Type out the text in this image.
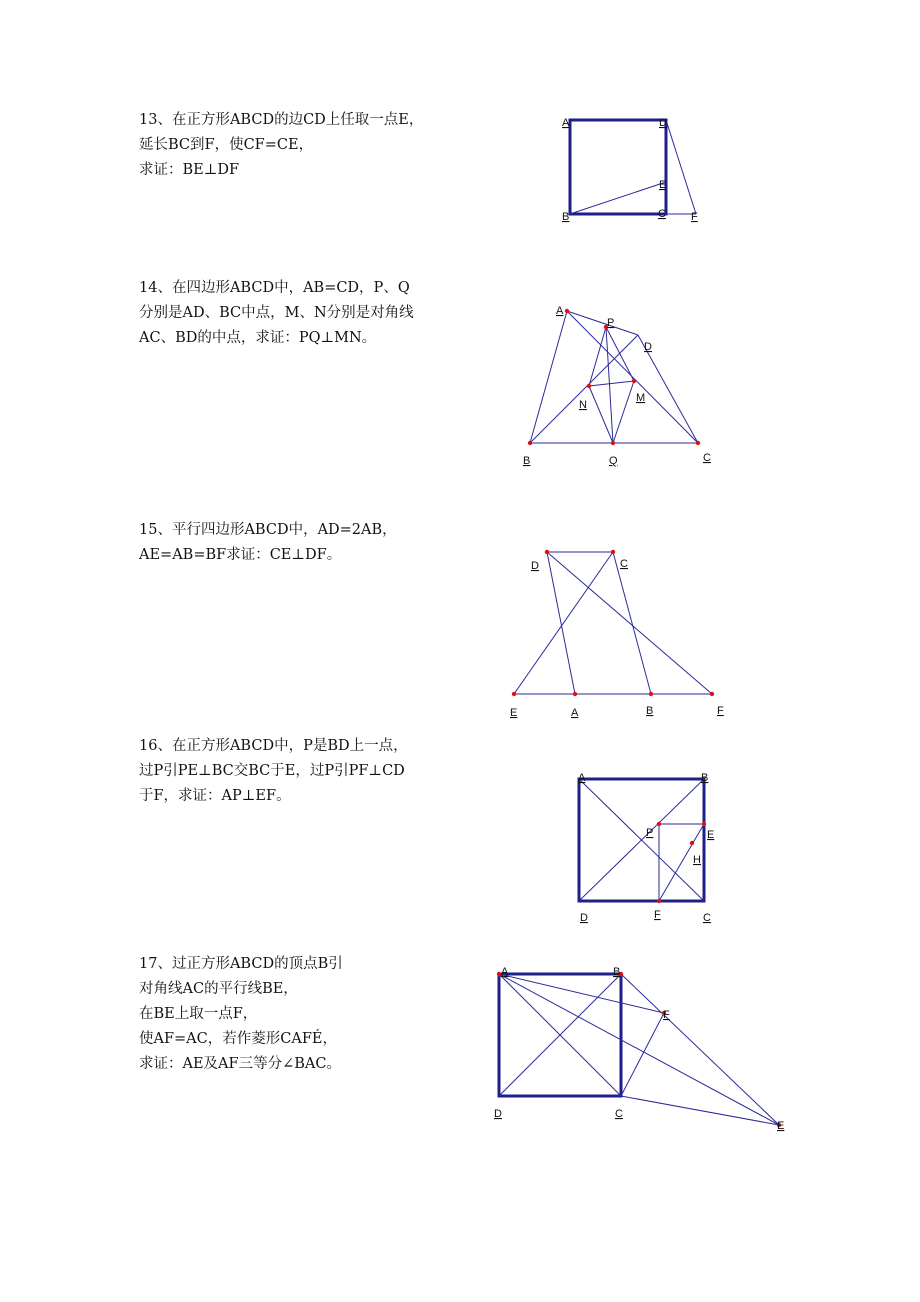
13、在正方形ABCD的边CD上任取一点E，
延长BC到F，使CF=CE，
求证：BE⊥DF
A	D
E
B	C F
14、在四边形ABCD中，AB=CD，P、Q
分别是AD、BC中点，M、N分别是对角线
AC、BD的中点，求证：PQ⊥MN。
A
P
D
N
M
B	Q	C
15、平行四边形ABCD中，AD=2AB，
AE=AB=BF求证：CE⊥DF。
D	C
E	A	B	F
16、在正方形ABCD中，P是BD上一点，
过P引PE⊥BC交BC于E，过P引PF⊥CD
于F，求证：AP⊥EF。
A	B
P	E
H
D	F	C
17、过正方形ABCD的顶点B引
对角线AC的平行线BE，
在BE上取一点F，
使AF=AC，若作菱形CAFÉ，
求证：AE及AF三等分∠BAC。
A	B
F
D	C
E
